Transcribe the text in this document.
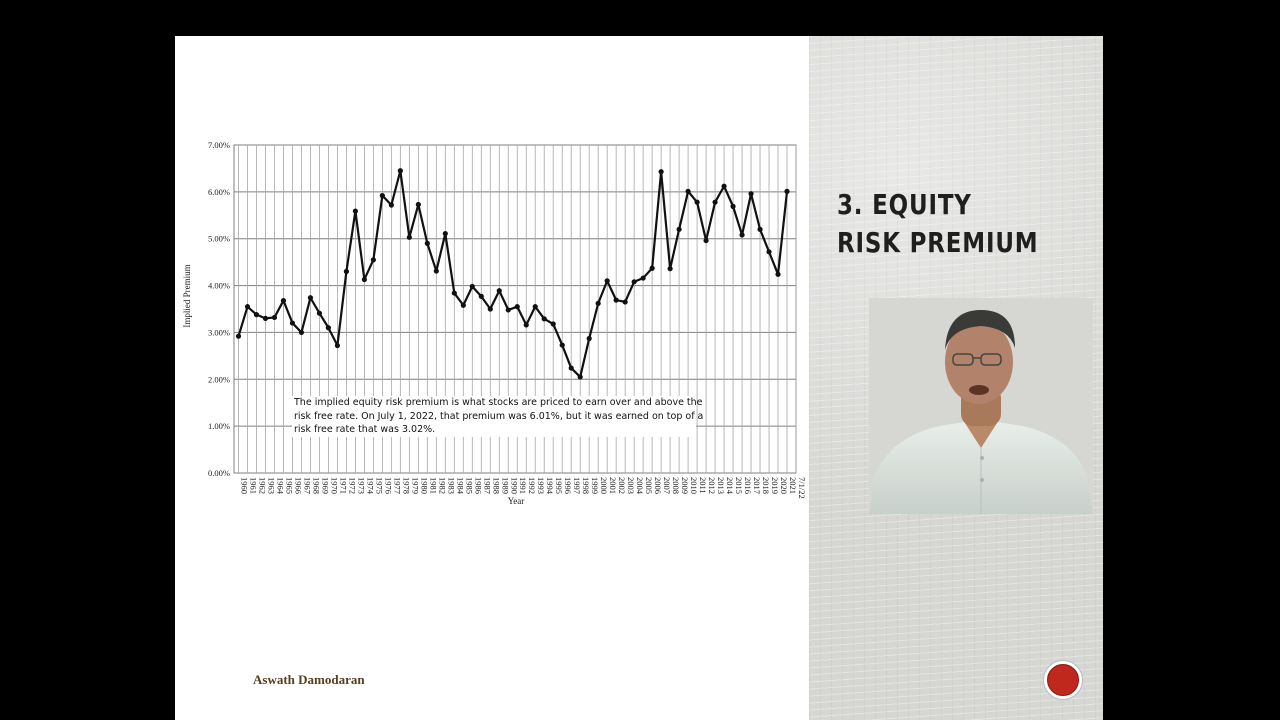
0.00%
1.00%
2.00%
3.00%
4.00%
5.00%
6.00%
7.00%
1960
1961
1962
1963
1964
1965
1966
1967
1968
1969
1970
1971
1972
1973
1974
1975
1976
1977
1978
1979
1980
1981
1982
1983
1984
1985
1986
1987
1988
1989
1990
1991
1992
1993
1994
1995
1996
1997
1998
1999
2000
2001
2002
2003
2004
2005
2006
2007
2008
2009
2010
2011
2012
2013
2014
2015
2016
2017
2018
2019
2020
2021
7/1/22
Implied Premium
Year
The implied equity risk premium is what stocks are priced to earn over and above the
risk free rate. On July 1, 2022, that premium was 6.01%, but it was earned on top of a
risk free rate that was 3.02%.
Aswath Damodaran
3. EQUITY RISK PREMIUM
